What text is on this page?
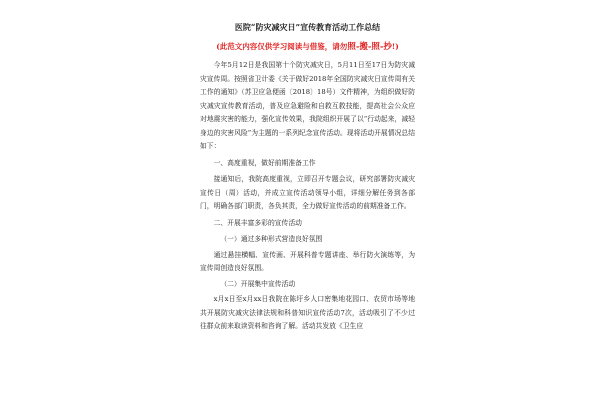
医院“防灾减灾日”宣传教育活动工作总结
(此范文内容仅供学习阅读与借鉴，请勿照-搬-照-抄!)

今年5月12日是我国第十个防灾减灾日，5月11日至17日为防灾减灾宣传周。按照省卫计委《关于做好2018年全国防灾减灾日宣传周有关工作的通知》（苏卫应急便函〔2018〕18号）文件精神，为组织做好防灾减灾宣传教育活动，普及应急避险和自救互救技能，提高社会公众应对地震灾害的能力，强化宣传效果，我院组织开展了以“行动起来，减轻身边的灾害风险”为主题的一系列纪念宣传活动。现将活动开展情况总结如下：

一、高度重视，做好前期准备工作

接通知后，我院高度重视，立即召开专题会议，研究部署防灾减灾宣传日（周）活动，并成立宣传活动领导小组，详细分解任务到各部门，明确各部门职责，各负其责，全力做好宣传活动的前期准备工作。

二、开展丰富多彩的宣传活动
（一）通过多种形式营造良好氛围

通过悬挂横幅、宣传画、开展科普专题讲座、举行防火演练等，为宣传周创造良好氛围。

（二）开展集中宣传活动

x月x日至x月xx日我院在陈圩乡人口密集地花园口、农贸市场等地共开展防灾减灾法律法规和科普知识宣传活动7次，活动吸引了不少过往群众前来取读资料和咨询了解。活动共发放《卫生应
